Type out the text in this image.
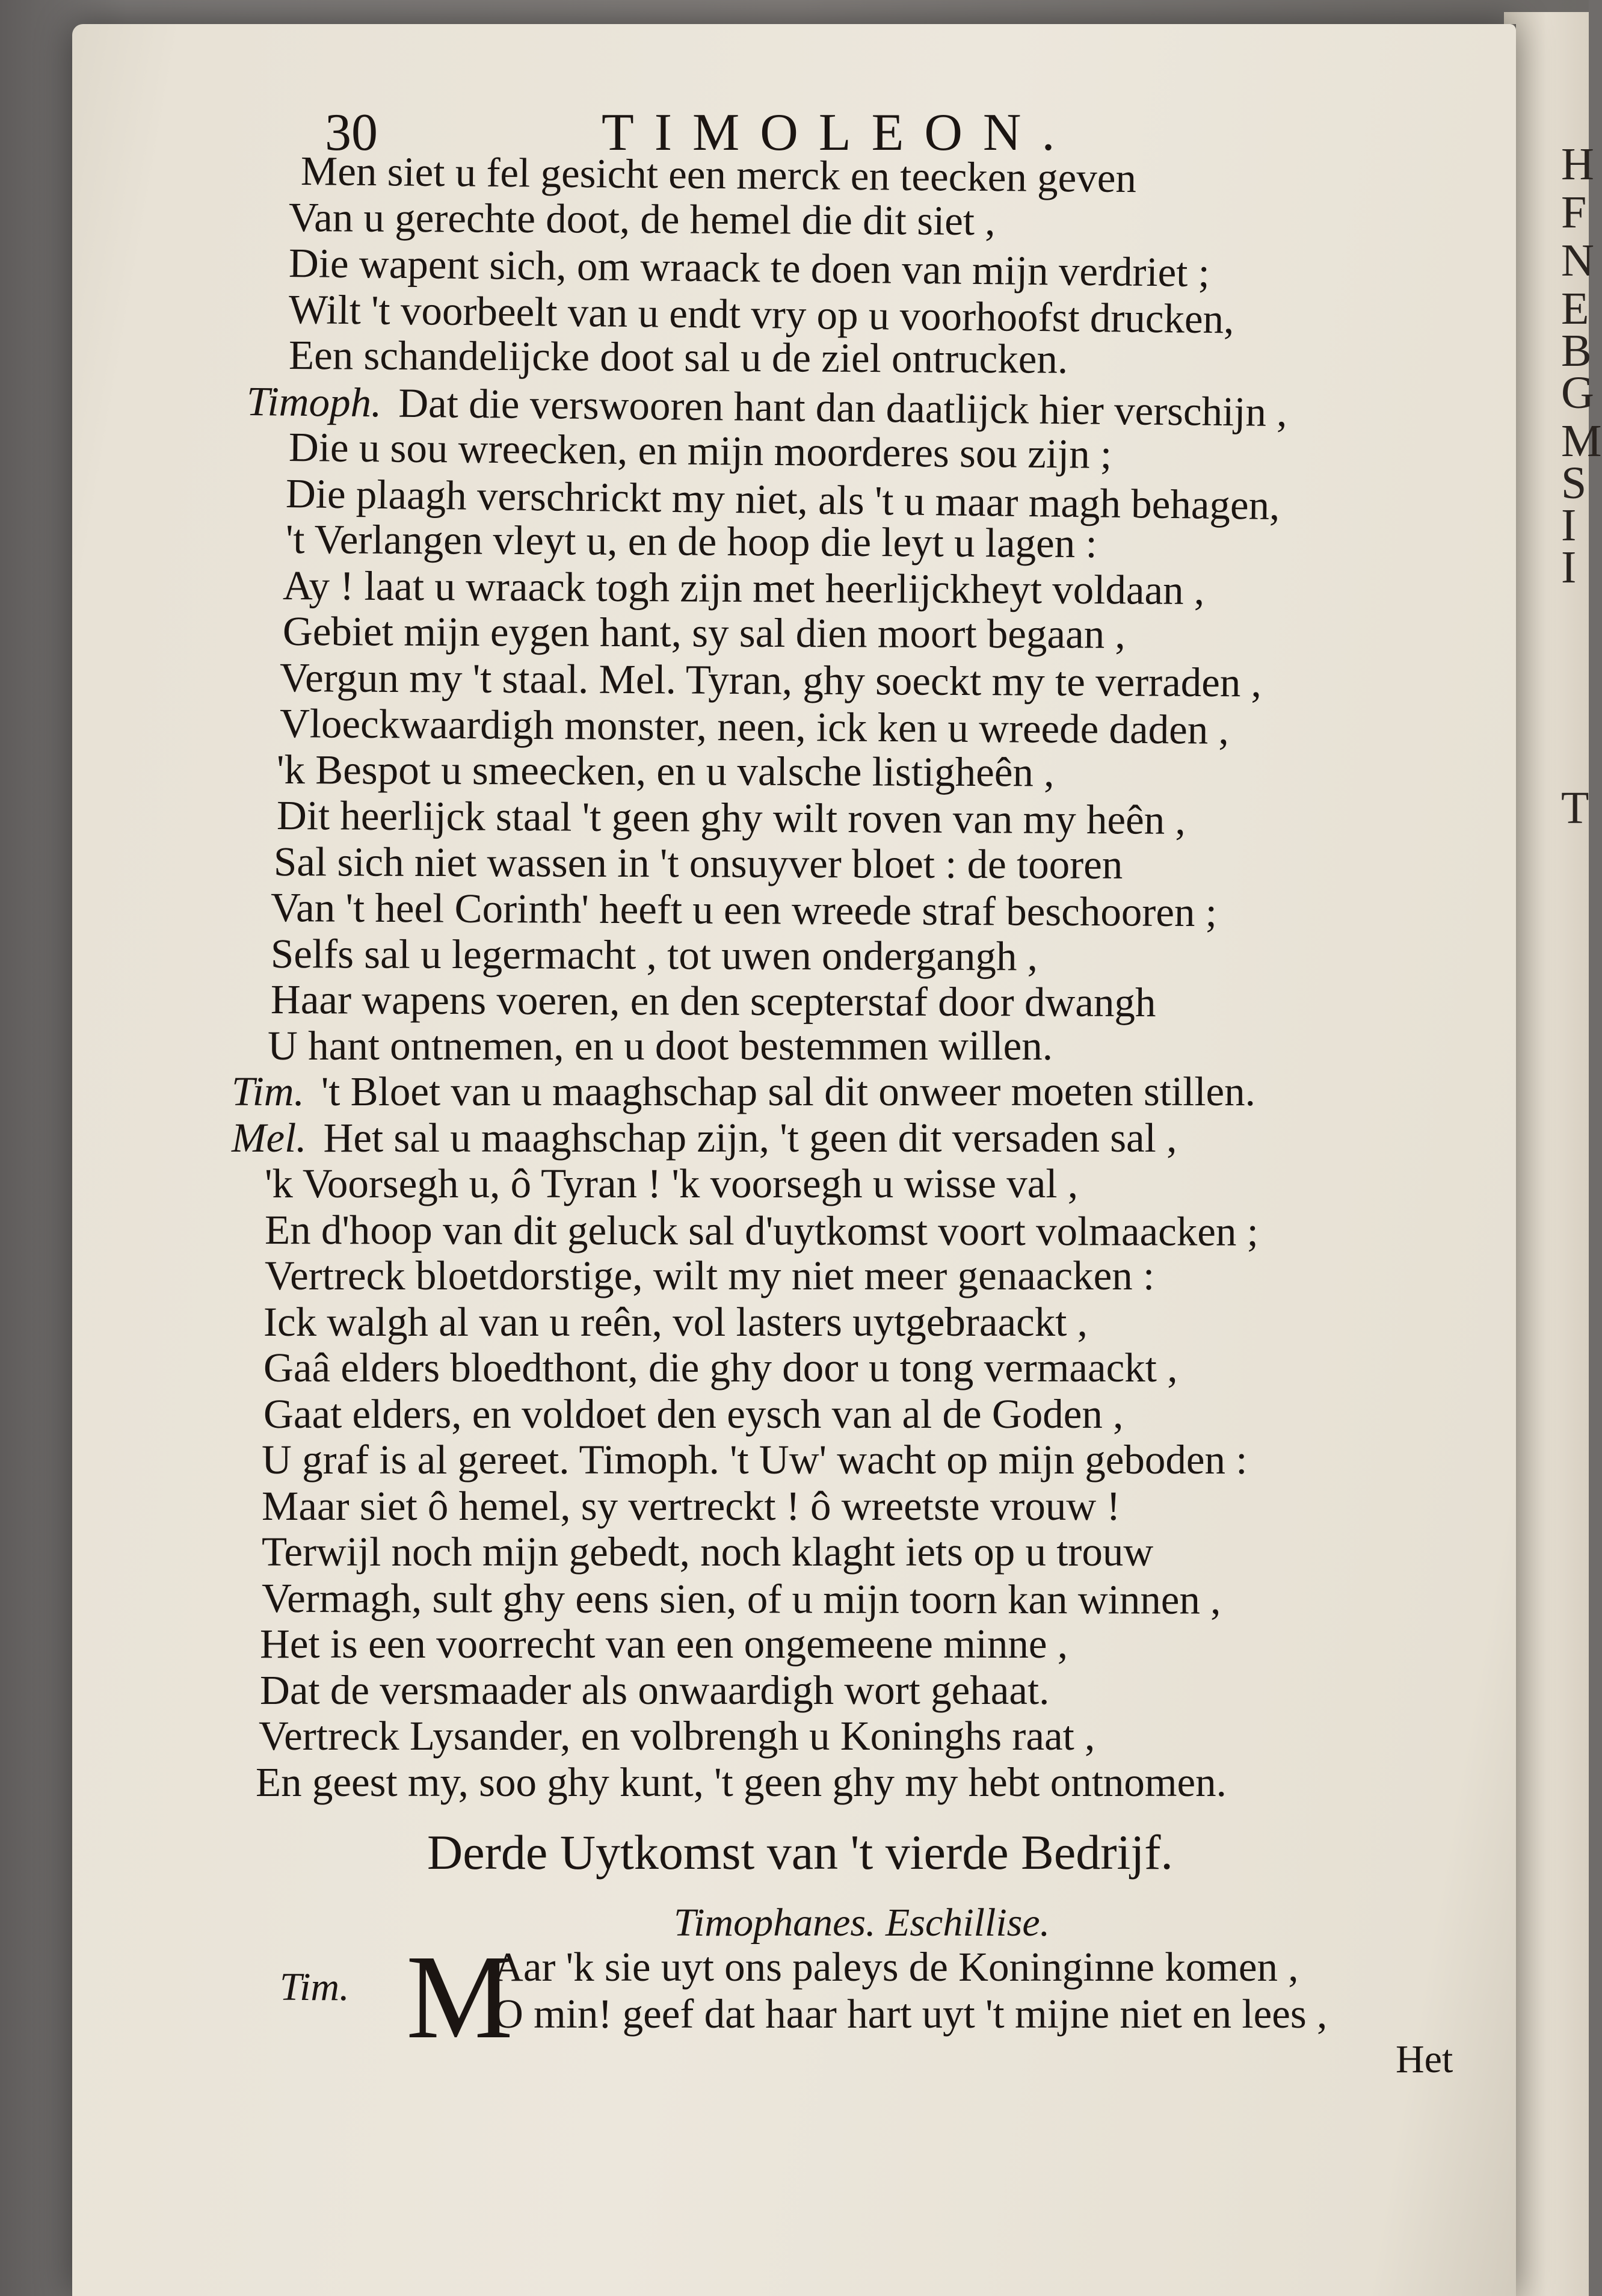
H
F
N
E
B
G
M
S
I
I
T
30	TIMOLEON.
Men siet u fel gesicht een merck en teecken geven
Van u gerechte doot, de hemel die dit siet ,
Die wapent sich, om wraack te doen van mijn verdriet ;
Wilt 't voorbeelt van u endt vry op u voorhoofst drucken,
Een schandelijcke doot sal u de ziel ontrucken.
Timoph. Dat die verswooren hant dan daatlijck hier verschijn ,
Die u sou wreecken, en mijn moorderes sou zijn ;
Die plaagh verschrickt my niet, als 't u maar magh behagen,
't Verlangen vleyt u, en de hoop die leyt u lagen :
Ay ! laat u wraack togh zijn met heerlijckheyt voldaan ,
Gebiet mijn eygen hant, sy sal dien moort begaan ,
Vergun my 't staal. Mel. Tyran, ghy soeckt my te verraden ,
Vloeckwaardigh monster, neen, ick ken u wreede daden ,
'k Bespot u smeecken, en u valsche listigheên ,
Dit heerlijck staal 't geen ghy wilt roven van my heên ,
Sal sich niet wassen in 't onsuyver bloet : de tooren
Van 't heel Corinth' heeft u een wreede straf beschooren ;
Selfs sal u legermacht , tot uwen ondergangh ,
Haar wapens voeren, en den scepterstaf door dwangh
U hant ontnemen, en u doot bestemmen willen.
Tim. 't Bloet van u maaghschap sal dit onweer moeten stillen.
Mel. Het sal u maaghschap zijn, 't geen dit versaden sal ,
'k Voorsegh u, ô Tyran ! 'k voorsegh u wisse val ,
En d'hoop van dit geluck sal d'uytkomst voort volmaacken ;
Vertreck bloetdorstige, wilt my niet meer genaacken :
Ick walgh al van u reên, vol lasters uytgebraackt ,
Gaâ elders bloedthont, die ghy door u tong vermaackt ,
Gaat elders, en voldoet den eysch van al de Goden ,
U graf is al gereet. Timoph. 't Uw' wacht op mijn geboden :
Maar siet ô hemel, sy vertreckt ! ô wreetste vrouw !
Terwijl noch mijn gebedt, noch klaght iets op u trouw
Vermagh, sult ghy eens sien, of u mijn toorn kan winnen ,
Het is een voorrecht van een ongemeene minne ,
Dat de versmaader als onwaardigh wort gehaat.
Vertreck Lysander, en volbrengh u Koninghs raat ,
En geest my, soo ghy kunt, 't geen ghy my hebt ontnomen.
Derde Uytkomst van 't vierde Bedrijf.
Timophanes. Eschillise.
Tim. M
Aar 'k sie uyt ons paleys de Koninginne komen ,
O min! geef dat haar hart uyt 't mijne niet en lees ,
Het
